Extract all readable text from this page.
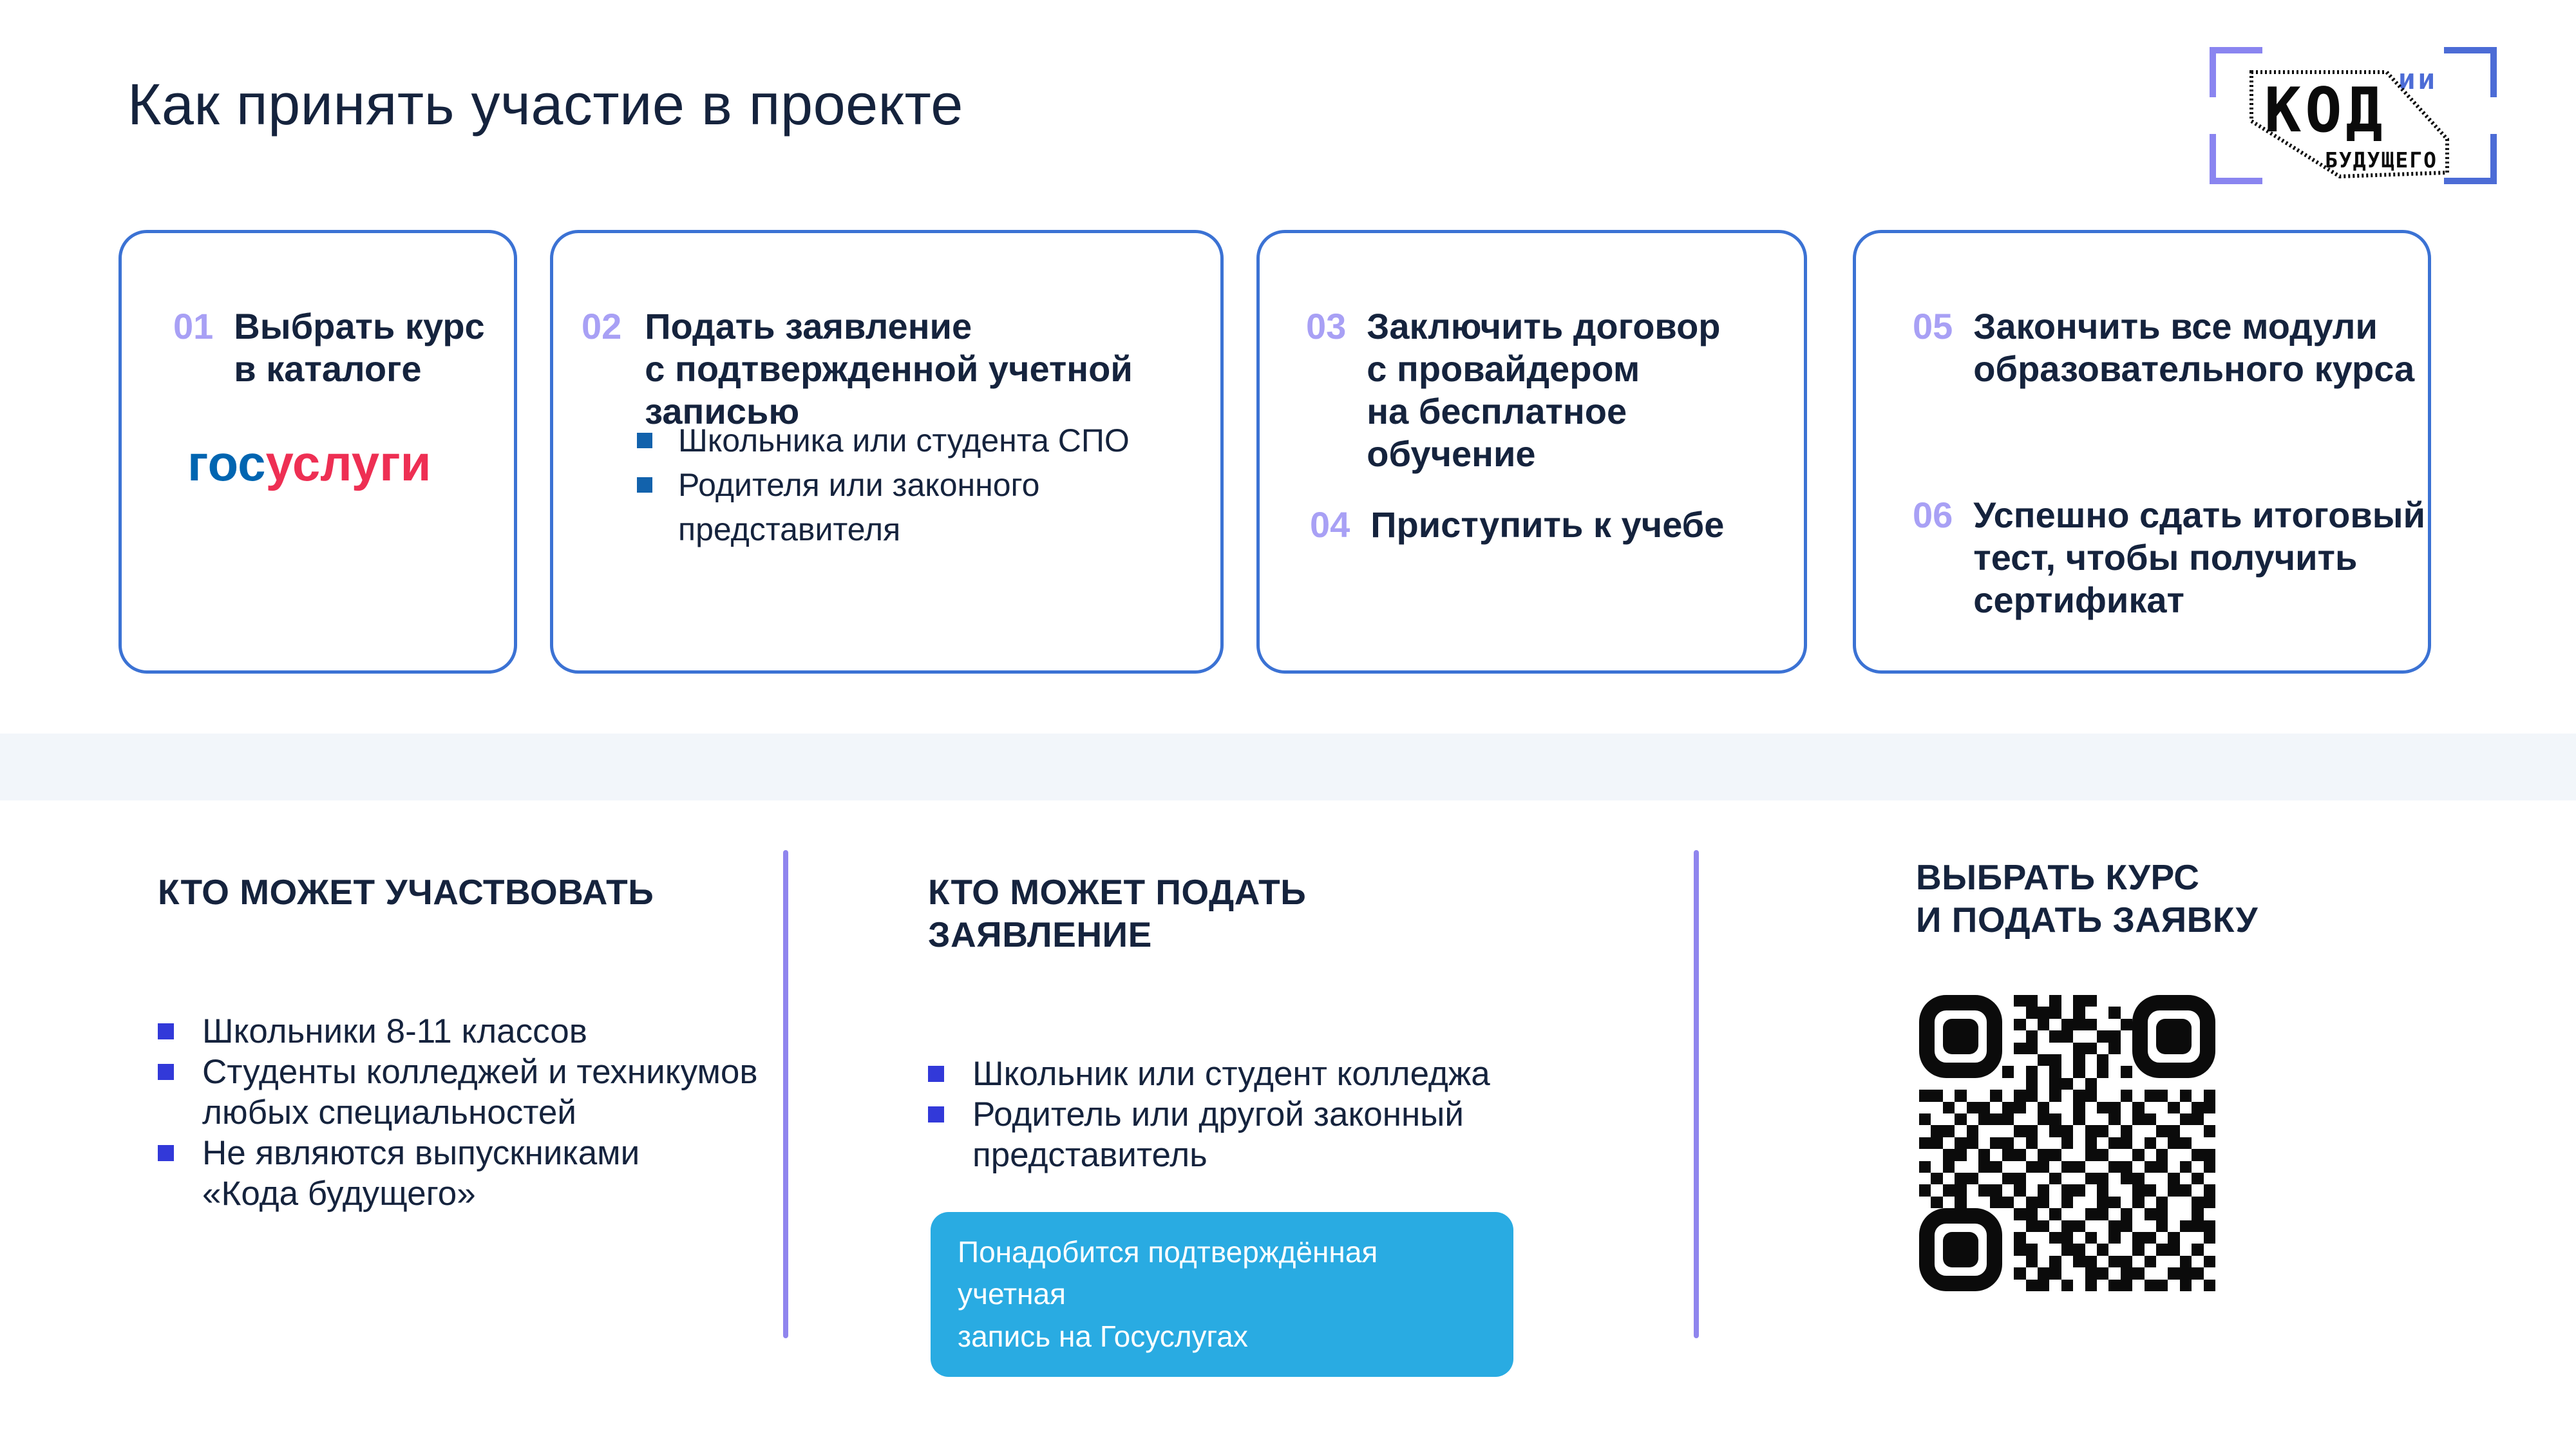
Как принять участие в проекте	ии
КОД
БУДУЩЕГО
01 Выбрать курс
в каталоге
госуслуги
02 Подать заявление
с подтвержденной учетной записью
Школьника или студента СПО
Родителя или законного
представителя
03 Заключить договор
с провайдером
на бесплатное обучение
04 Приступить к учебе
05 Закончить все модули
образовательного курса
06 Успешно сдать итоговый
тест, чтобы получить
сертификат
КТО МОЖЕТ УЧАСТВОВАТЬ
Школьники 8-11 классов
Студенты колледжей и техникумов
любых специальностей
Не являются выпускниками
«Кода будущего»
КТО МОЖЕТ ПОДАТЬ ЗАЯВЛЕНИЕ
Школьник или студент колледжа
Родитель или другой законный
представитель
Понадобится подтверждённая учетная
запись на Госуслугах
ВЫБРАТЬ КУРС
И ПОДАТЬ ЗАЯВКУ
